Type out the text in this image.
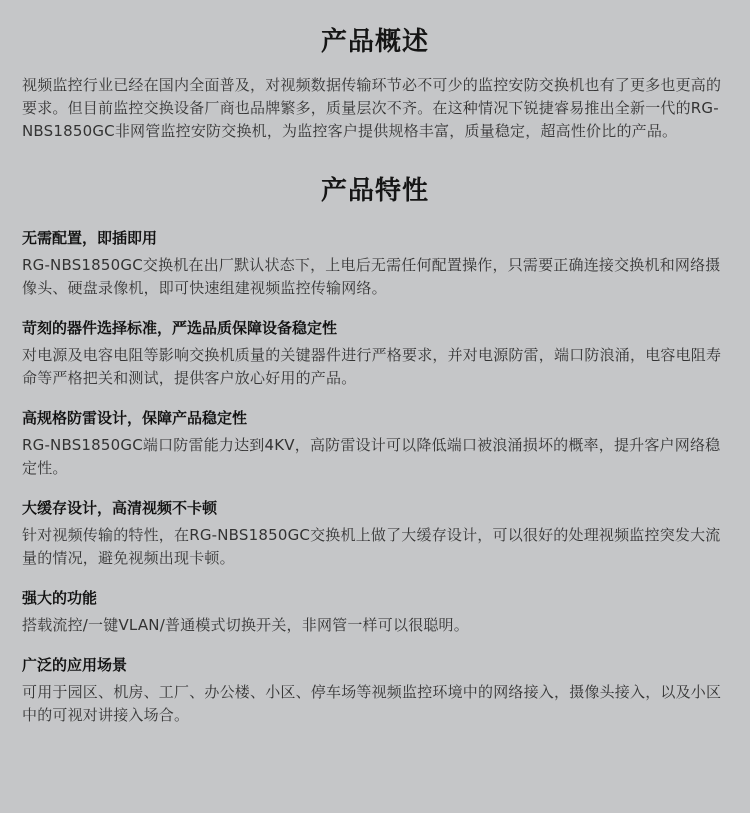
产品概述

视频监控行业已经在国内全面普及，对视频数据传输环节必不可少的监控安防交换机也有了更多也更高的要求。但目前监控交换设备厂商也品牌繁多，质量层次不齐。在这种情况下锐捷睿易推出全新一代的RG-NBS1850GC非网管监控安防交换机，为监控客户提供规格丰富，质量稳定，超高性价比的产品。

产品特性
无需配置，即插即用

RG-NBS1850GC交换机在出厂默认状态下，上电后无需任何配置操作，只需要正确连接交换机和网络摄像头、硬盘录像机，即可快速组建视频监控传输网络。

苛刻的器件选择标准，严选品质保障设备稳定性

对电源及电容电阻等影响交换机质量的关键器件进行严格要求，并对电源防雷，端口防浪涌，电容电阻寿命等严格把关和测试，提供客户放心好用的产品。

高规格防雷设计，保障产品稳定性

RG-NBS1850GC端口防雷能力达到4KV，高防雷设计可以降低端口被浪涌损坏的概率，提升客户网络稳定性。

大缓存设计，高清视频不卡顿

针对视频传输的特性，在RG-NBS1850GC交换机上做了大缓存设计，可以很好的处理视频监控突发大流量的情况，避免视频出现卡顿。

强大的功能

搭载流控/一键VLAN/普通模式切换开关，非网管一样可以很聪明。

广泛的应用场景

可用于园区、机房、工厂、办公楼、小区、停车场等视频监控环境中的网络接入，摄像头接入，以及小区中的可视对讲接入场合。
